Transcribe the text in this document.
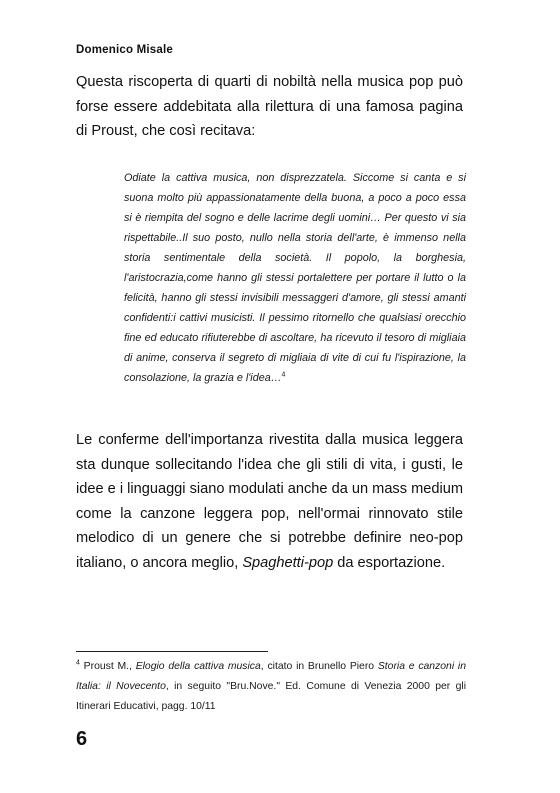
Domenico Misale

Questa riscoperta di quarti di nobiltà nella musica pop può forse essere addebitata alla rilettura di una famosa pagina di Proust, che così recitava:

Odiate la cattiva musica, non disprezzatela. Siccome si canta e si suona molto più appassionatamente della buona, a poco a poco essa si è riempita del sogno e delle lacrime degli uomini… Per questo vi sia rispettabile..Il suo posto, nullo nella storia dell'arte, è immenso nella storia sentimentale della società. Il popolo, la borghesia, l'aristocrazia,come hanno gli stessi portalettere per portare il lutto o la felicità, hanno gli stessi invisibili messaggeri d'amore, gli stessi amanti confidenti:i cattivi musicisti. Il pessimo ritornello che qualsiasi orecchio fine ed educato rifiuterebbe di ascoltare, ha ricevuto il tesoro di migliaia di anime, conserva il segreto di migliaia di vite di cui fu l'ispirazione, la consolazione, la grazia e l'idea…$^4$

Le conferme dell'importanza rivestita dalla musica leggera sta dunque sollecitando l'idea che gli stili di vita, i gusti, le idee e i linguaggi siano modulati anche da un mass medium come la canzone leggera pop, nell'ormai rinnovato stile melodico di un genere che si potrebbe definire neo-pop italiano, o ancora meglio, Spaghetti-pop da esportazione.

$^4$ Proust M., Elogio della cattiva musica, citato in Brunello Piero Storia e canzoni in Italia: il Novecento, in seguito "Bru.Nove." Ed. Comune di Venezia 2000 per gli Itinerari Educativi, pagg. 10/11

6
